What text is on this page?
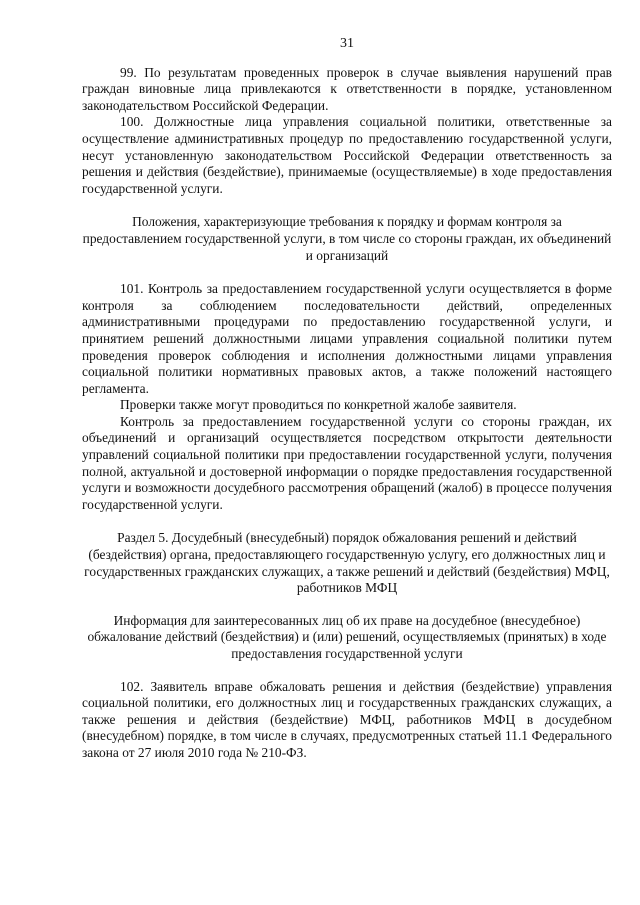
31

99. По результатам проведенных проверок в случае выявления нарушений прав граждан виновные лица привлекаются к ответственности в порядке, установленном законодательством Российской Федерации.

100. Должностные лица управления социальной политики, ответственные за осуществление административных процедур по предоставлению государственной услуги, несут установленную законодательством Российской Федерации ответственность за решения и действия (бездействие), принимаемые (осуществляемые) в ходе предоставления государственной услуги.

Положения, характеризующие требования к порядку и формам контроля за предоставлением государственной услуги, в том числе со стороны граждан, их объединений и организаций

101. Контроль за предоставлением государственной услуги осуществляется в форме контроля за соблюдением последовательности действий, определенных административными процедурами по предоставлению государственной услуги, и принятием решений должностными лицами управления социальной политики путем проведения проверок соблюдения и исполнения должностными лицами управления социальной политики нормативных правовых актов, а также положений настоящего регламента.

Проверки также могут проводиться по конкретной жалобе заявителя.

Контроль за предоставлением государственной услуги со стороны граждан, их объединений и организаций осуществляется посредством открытости деятельности управлений социальной политики при предоставлении государственной услуги, получения полной, актуальной и достоверной информации о порядке предоставления государственной услуги и возможности досудебного рассмотрения обращений (жалоб) в процессе получения государственной услуги.

Раздел 5. Досудебный (внесудебный) порядок обжалования решений и действий (бездействия) органа, предоставляющего государственную услугу, его должностных лиц и государственных гражданских служащих, а также решений и действий (бездействия) МФЦ, работников МФЦ

Информация для заинтересованных лиц об их праве на досудебное (внесудебное) обжалование действий (бездействия) и (или) решений, осуществляемых (принятых) в ходе предоставления государственной услуги

102. Заявитель вправе обжаловать решения и действия (бездействие) управления социальной политики, его должностных лиц и государственных гражданских служащих, а также решения и действия (бездействие) МФЦ, работников МФЦ в досудебном (внесудебном) порядке, в том числе в случаях, предусмотренных статьей 11.1 Федерального закона от 27 июля 2010 года № 210-ФЗ.
